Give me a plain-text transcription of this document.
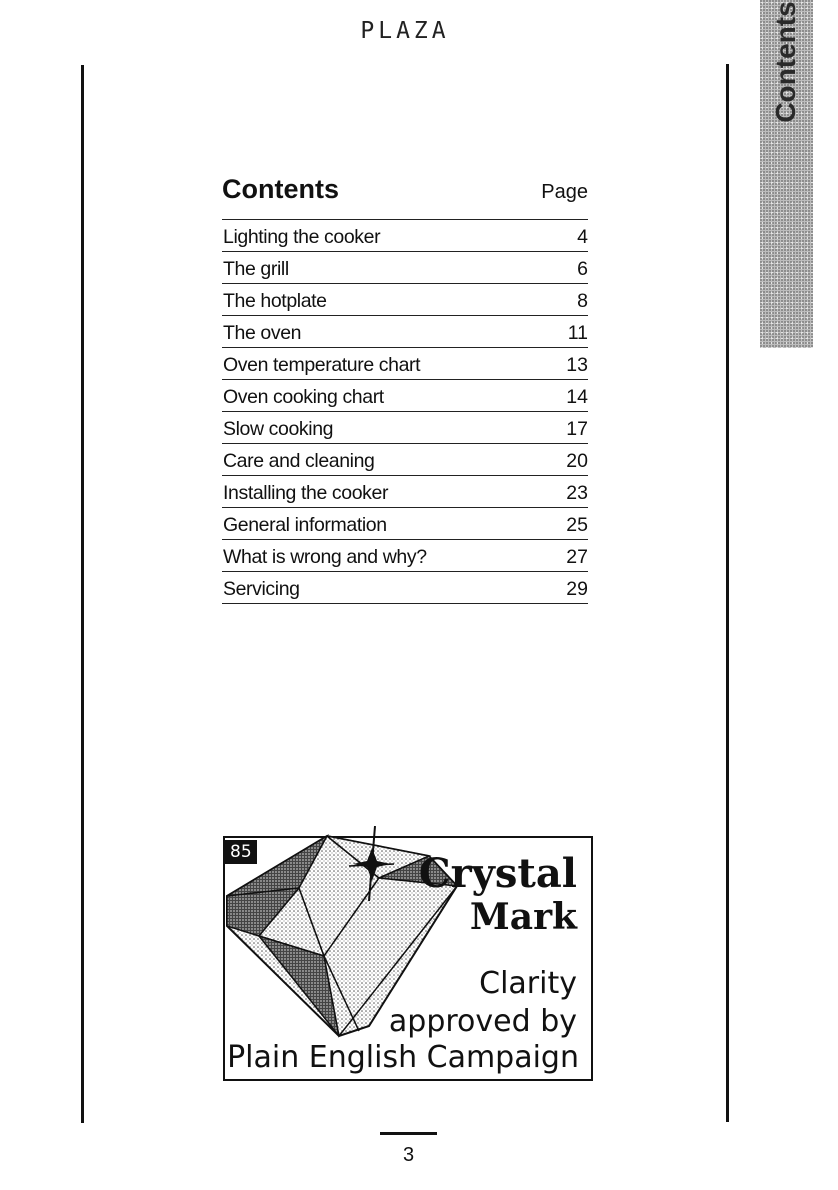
PLAZA	Contents
Contents	Page
Lighting the cooker	4
The grill	6
The hotplate	8
The oven	11
Oven temperature chart	13
Oven cooking chart	14
Slow cooking	17
Care and cleaning	20
Installing the cooker	23
General information	25
What is wrong and why?	27
Servicing	29
85	Crystal
Mark
Clarity
approved by
Plain English Campaign
3
